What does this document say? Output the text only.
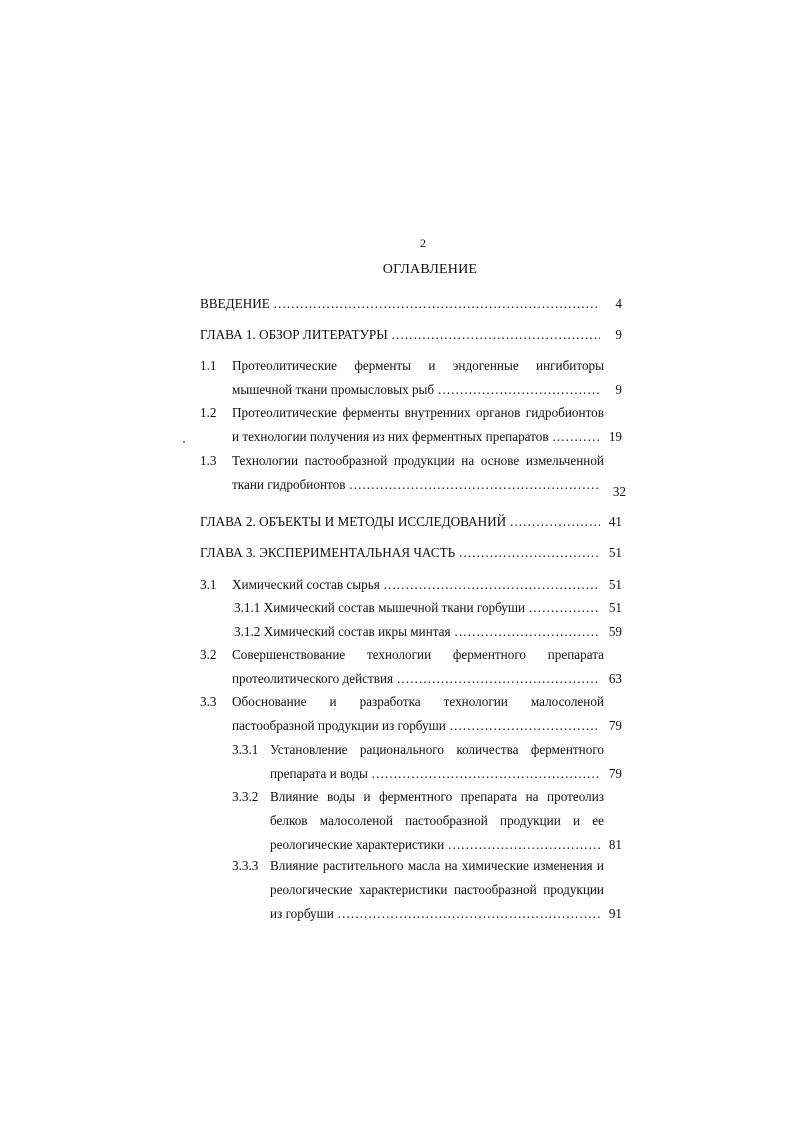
2
ОГЛАВЛЕНИЕ
ВВЕДЕНИЕ ……………………………………………………………………………………………………	4
ГЛАВА 1. ОБЗОР ЛИТЕРАТУРЫ ……………………………………………………………………………………………………	9
1.1 Протеолитические ферменты и эндогенные ингибиторы
мышечной ткани промысловых рыб ……………………………………………………………………………………………………	9
1.2 Протеолитические ферменты внутренних органов гидробионтов
и технологии получения из них ферментных препаратов ……………………………………………………………………………………………………	19
1.3 Технологии пастообразной продукции на основе измельченной
ткани гидробионтов ……………………………………………………………………………………………………	32
ГЛАВА 2. ОБЪЕКТЫ И МЕТОДЫ ИССЛЕДОВАНИЙ ……………………………………………………………………………………………………	41
ГЛАВА 3. ЭКСПЕРИМЕНТАЛЬНАЯ ЧАСТЬ ……………………………………………………………………………………………………	51
3.1 Химический состав сырья ……………………………………………………………………………………………………	51
3.1.1 Химический состав мышечной ткани горбуши ……………………………………………………………………………………………………	51
3.1.2 Химический состав икры минтая ……………………………………………………………………………………………………	59
3.2 Совершенствование технологии ферментного препарата
протеолитического действия ……………………………………………………………………………………………………	63
3.3 Обоснование и разработка технологии малосоленой
пастообразной продукции из горбуши ……………………………………………………………………………………………………	79
3.3.1 Установление рационального количества ферментного
препарата и воды ……………………………………………………………………………………………………	79
3.3.2 Влияние воды и ферментного препарата на протеолиз
белков малосоленой пастообразной продукции и ее
реологические характеристики ……………………………………………………………………………………………………	81
3.3.3 Влияние растительного масла на химические изменения и
реологические характеристики пастообразной продукции
из горбуши ……………………………………………………………………………………………………	91
